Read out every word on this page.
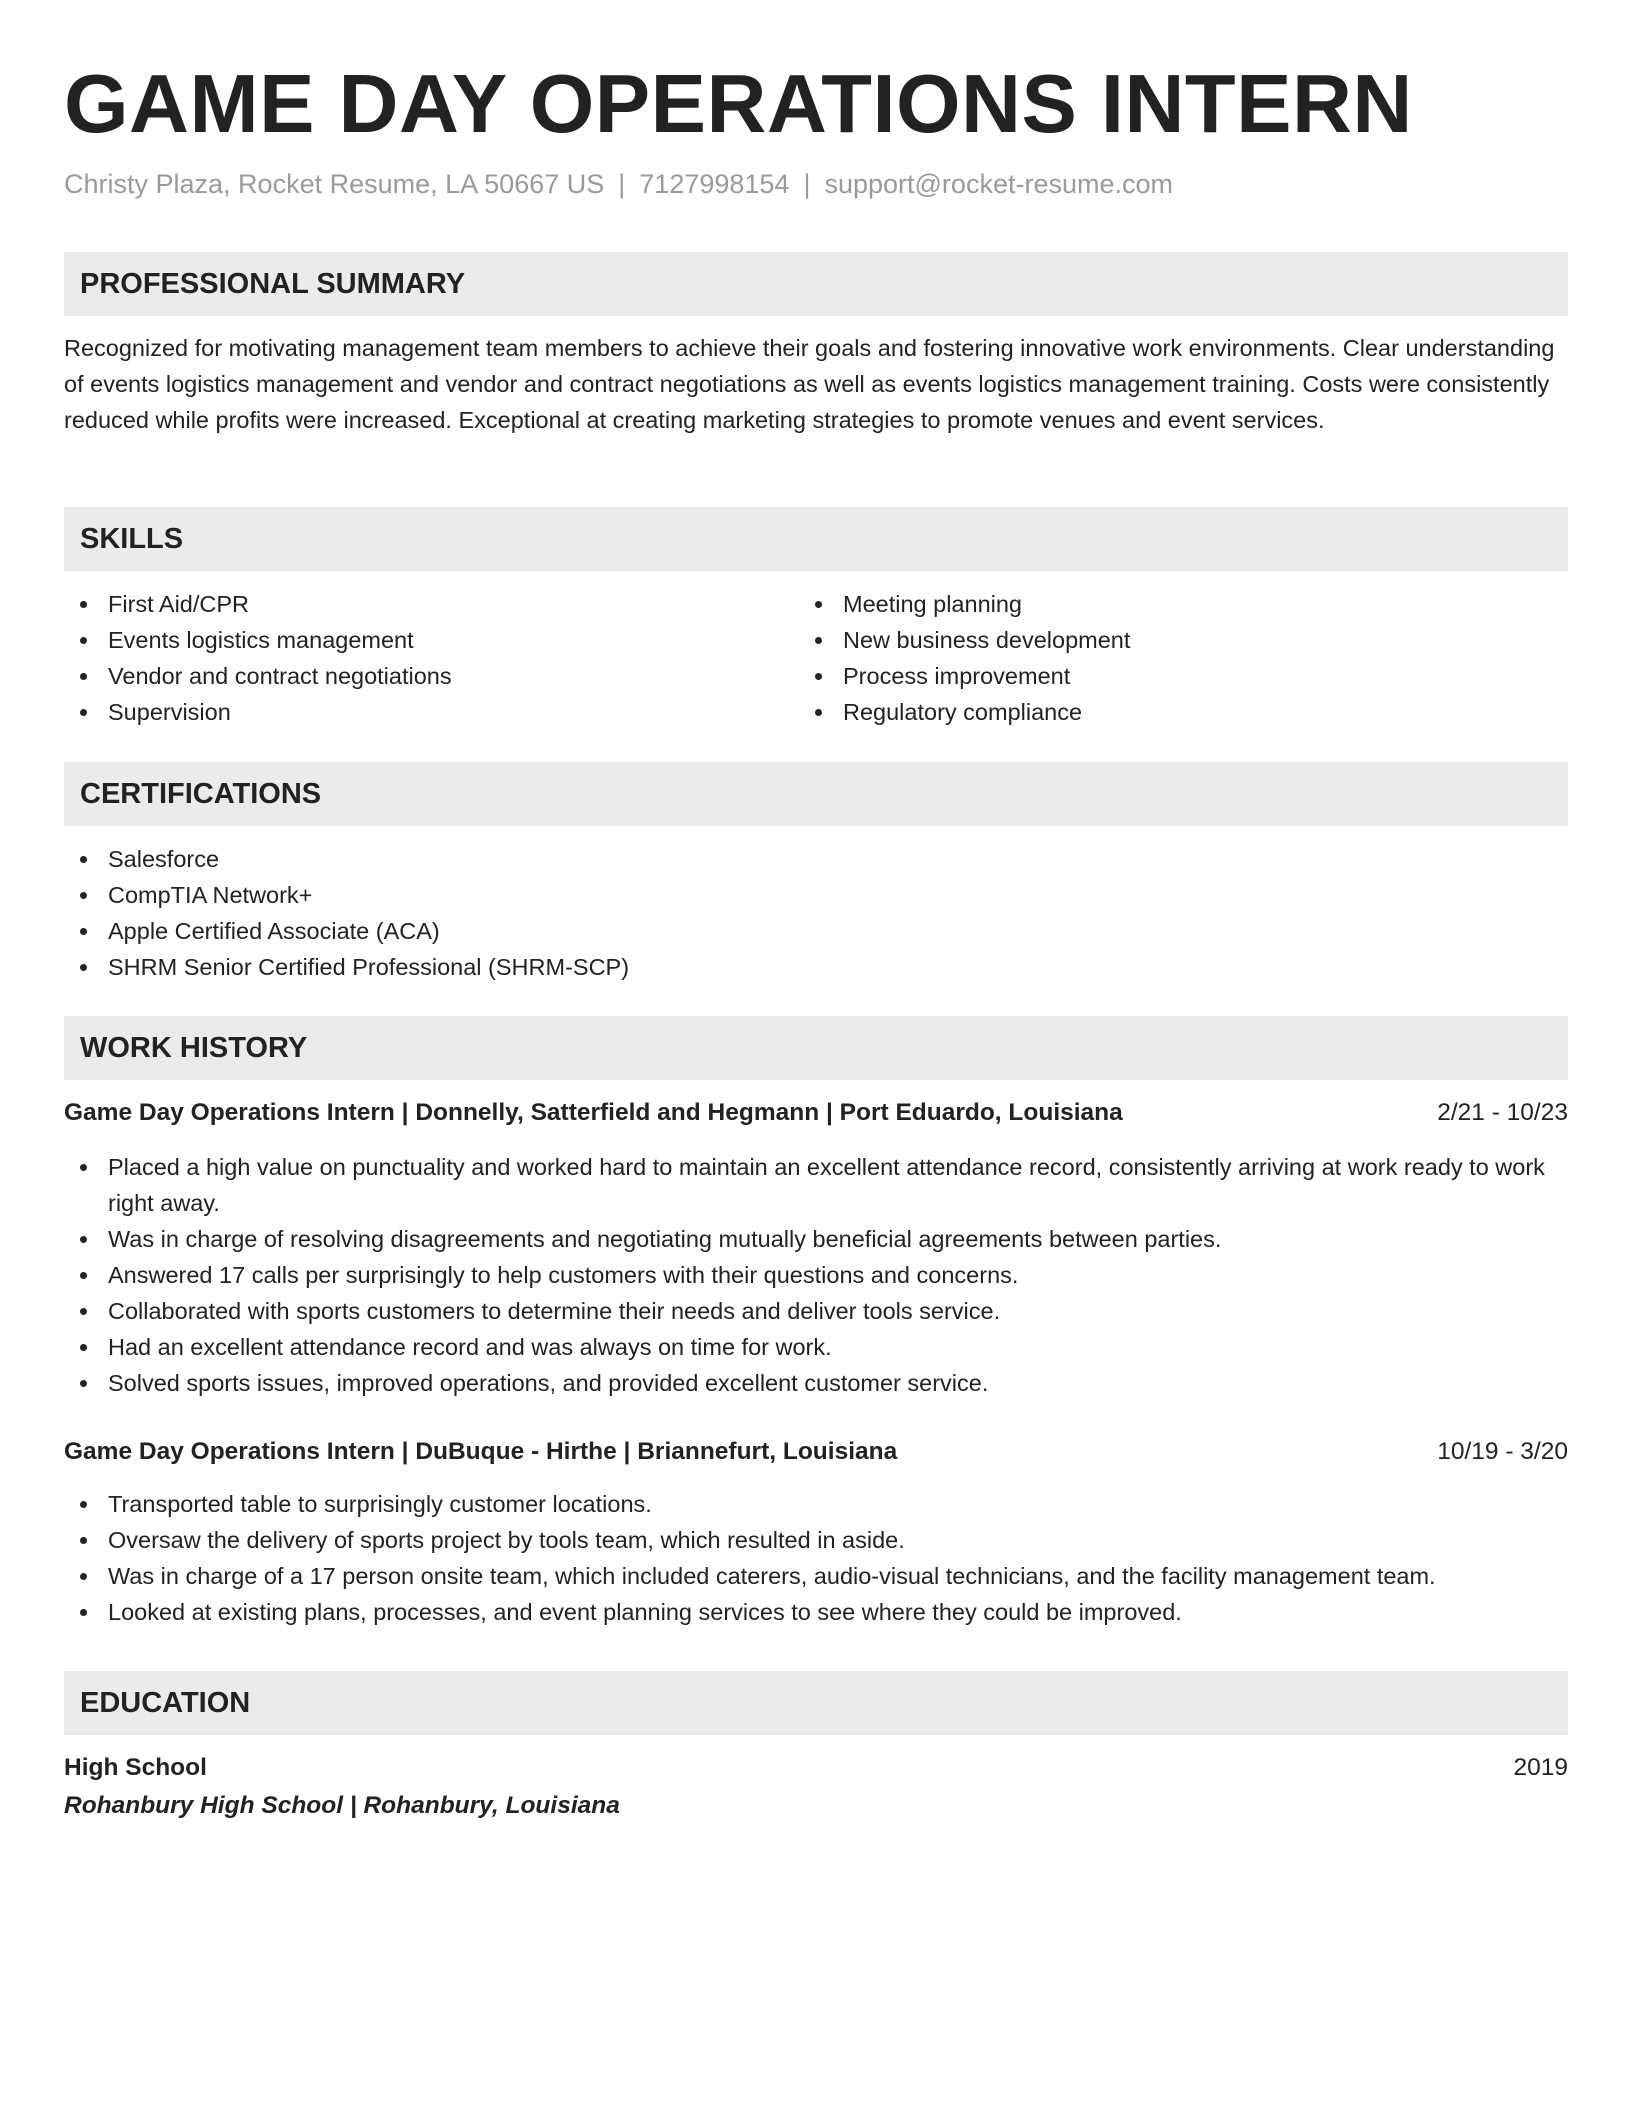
GAME DAY OPERATIONS INTERN
Christy Plaza, Rocket Resume, LA 50667 US | 7127998154 | support@rocket-resume.com
PROFESSIONAL SUMMARY

Recognized for motivating management team members to achieve their goals and fostering innovative work environments. Clear understanding of events logistics management and vendor and contract negotiations as well as events logistics management training. Costs were consistently reduced while profits were increased. Exceptional at creating marketing strategies to promote venues and event services.

SKILLS
First Aid/CPR
Events logistics management
Vendor and contract negotiations
Supervision
Meeting planning
New business development
Process improvement
Regulatory compliance
CERTIFICATIONS
Salesforce
CompTIA Network+
Apple Certified Associate (ACA)
SHRM Senior Certified Professional (SHRM-SCP)
WORK HISTORY
Game Day Operations Intern | Donnelly, Satterfield and Hegmann | Port Eduardo, Louisiana	2/21 - 10/23
Placed a high value on punctuality and worked hard to maintain an excellent attendance record, consistently arriving at work ready to work right away.
Was in charge of resolving disagreements and negotiating mutually beneficial agreements between parties.
Answered 17 calls per surprisingly to help customers with their questions and concerns.
Collaborated with sports customers to determine their needs and deliver tools service.
Had an excellent attendance record and was always on time for work.
Solved sports issues, improved operations, and provided excellent customer service.
Game Day Operations Intern | DuBuque - Hirthe | Briannefurt, Louisiana	10/19 - 3/20
Transported table to surprisingly customer locations.
Oversaw the delivery of sports project by tools team, which resulted in aside.
Was in charge of a 17 person onsite team, which included caterers, audio-visual technicians, and the facility management team.
Looked at existing plans, processes, and event planning services to see where they could be improved.
EDUCATION
High School	2019
Rohanbury High School | Rohanbury, Louisiana
